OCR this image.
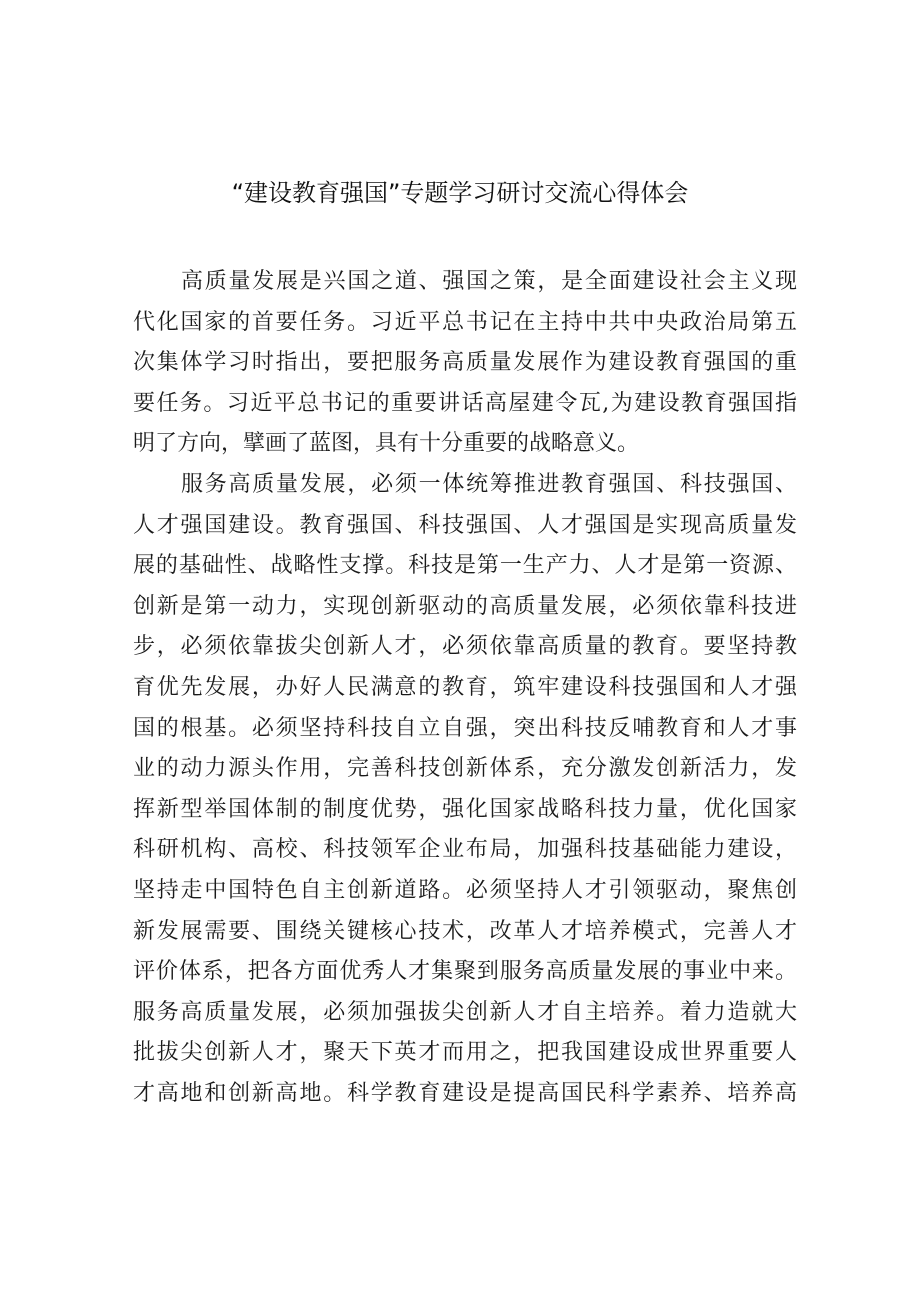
“建设教育强国”专题学习研讨交流心得体会
高质量发展是兴国之道、强国之策，是全面建设社会主义现
代化国家的首要任务。习近平总书记在主持中共中央政治局第五
次集体学习时指出，要把服务高质量发展作为建设教育强国的重
要任务。习近平总书记的重要讲话高屋建令瓦,为建设教育强国指
明了方向，擘画了蓝图，具有十分重要的战略意义。
服务高质量发展，必须一体统筹推进教育强国、科技强国、
人才强国建设。教育强国、科技强国、人才强国是实现高质量发
展的基础性、战略性支撑。科技是第一生产力、人才是第一资源、
创新是第一动力，实现创新驱动的高质量发展，必须依靠科技进
步，必须依靠拔尖创新人才，必须依靠高质量的教育。要坚持教
育优先发展，办好人民满意的教育，筑牢建设科技强国和人才强
国的根基。必须坚持科技自立自强，突出科技反哺教育和人才事
业的动力源头作用，完善科技创新体系，充分激发创新活力，发
挥新型举国体制的制度优势，强化国家战略科技力量，优化国家
科研机构、高校、科技领军企业布局，加强科技基础能力建设，
坚持走中国特色自主创新道路。必须坚持人才引领驱动，聚焦创
新发展需要、围绕关键核心技术，改革人才培养模式，完善人才
评价体系，把各方面优秀人才集聚到服务高质量发展的事业中来。
服务高质量发展，必须加强拔尖创新人才自主培养。着力造就大
批拔尖创新人才，聚天下英才而用之，把我国建设成世界重要人
才高地和创新高地。科学教育建设是提高国民科学素养、培养高
